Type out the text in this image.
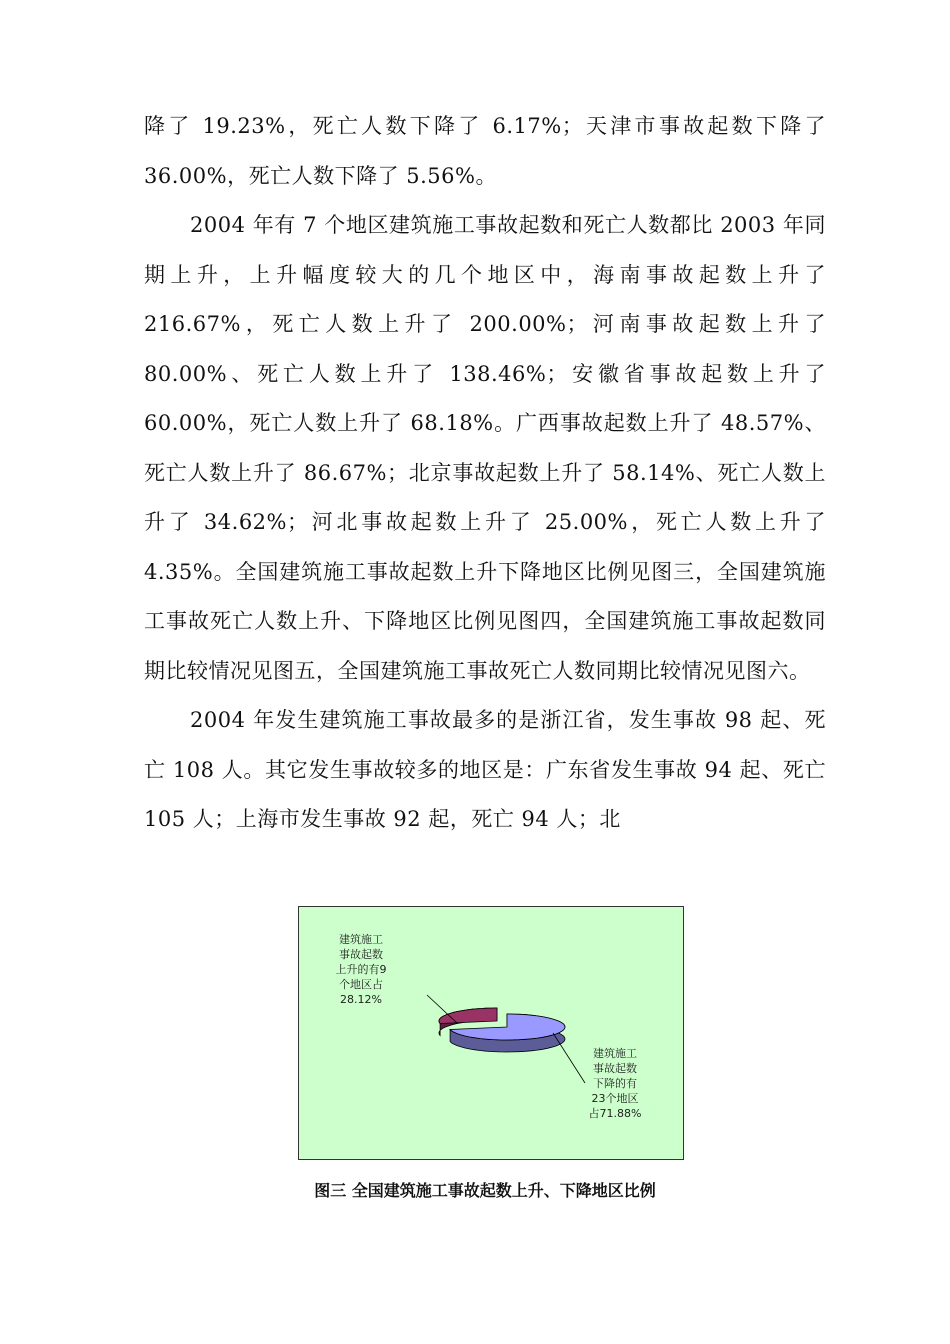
降了 19.23%，死亡人数下降了 6.17%；天津市事故起数下降了 36.00%，死亡人数下降了 5.56%。

2004 年有 7 个地区建筑施工事故起数和死亡人数都比 2003 年同期上升，上升幅度较大的几个地区中，海南事故起数上升了 216.67%，死亡人数上升了 200.00%；河南事故起数上升了 80.00%、死亡人数上升了 138.46%；安徽省事故起数上升了 60.00%，死亡人数上升了 68.18%。广西事故起数上升了 48.57%、死亡人数上升了 86.67%；北京事故起数上升了 58.14%、死亡人数上升了 34.62%；河北事故起数上升了 25.00%，死亡人数上升了 4.35%。全国建筑施工事故起数上升下降地区比例见图三，全国建筑施工事故死亡人数上升、下降地区比例见图四，全国建筑施工事故起数同期比较情况见图五，全国建筑施工事故死亡人数同期比较情况见图六。

2004 年发生建筑施工事故最多的是浙江省，发生事故 98 起、死亡 108 人。其它发生事故较多的地区是：广东省发生事故 94 起、死亡 105 人；上海市发生事故 92 起，死亡 94 人；北

建筑施工事故起数上升的有9 个地区占 28.12%
建筑施工事故起数下降的有 23个地区占71.88%
图三 全国建筑施工事故起数上升、下降地区比例
